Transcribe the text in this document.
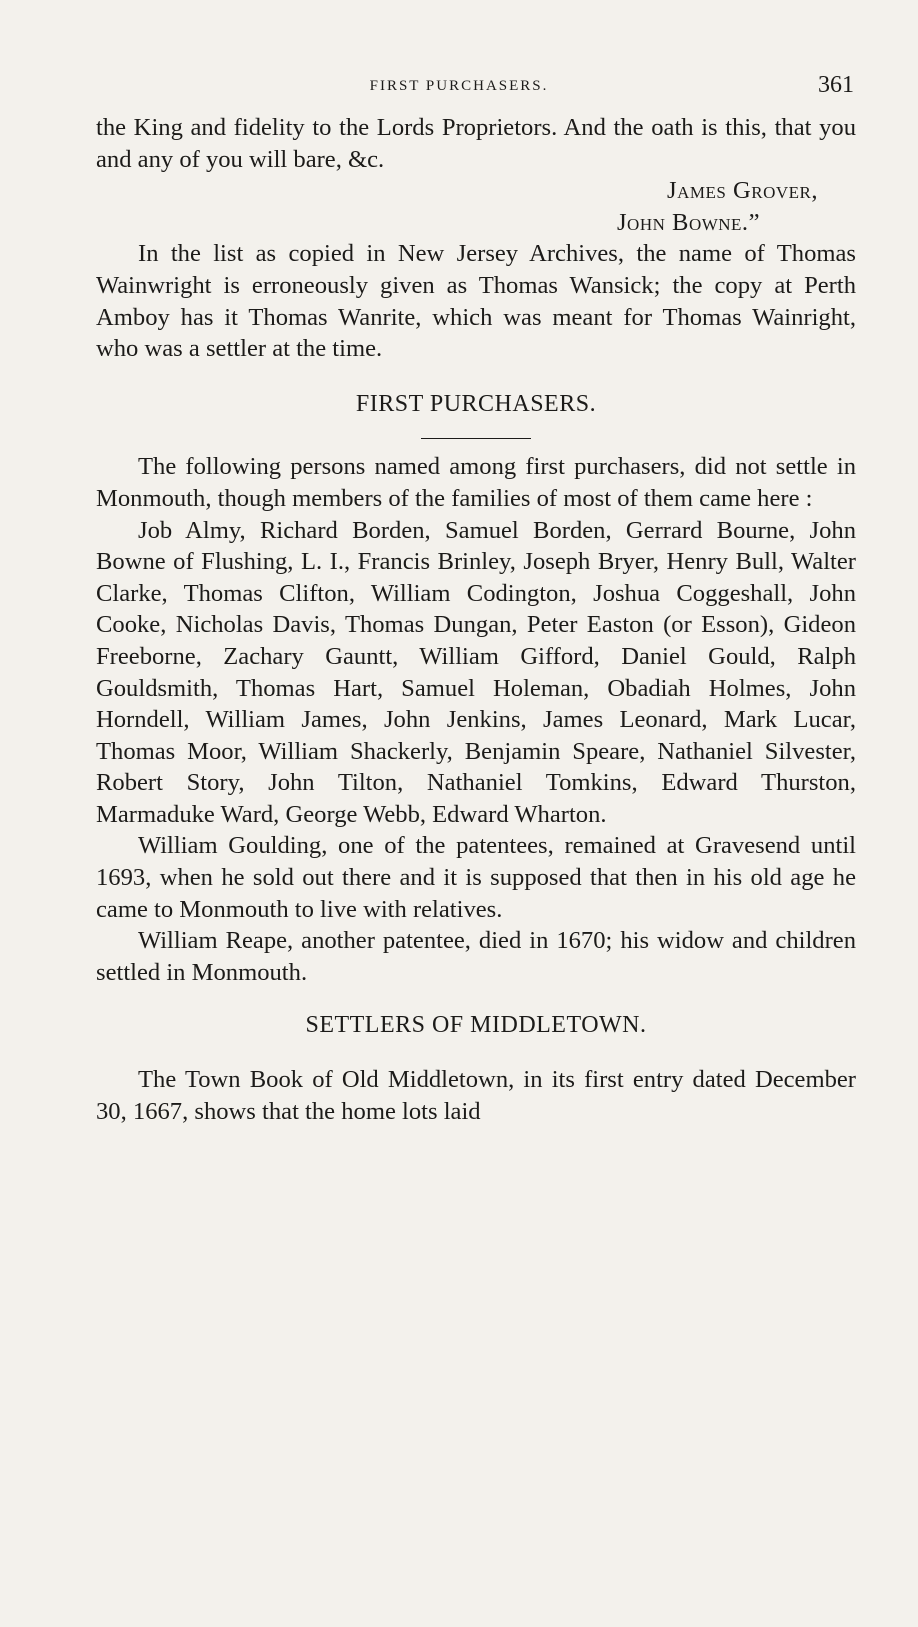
FIRST PURCHASERS.	361

the King and fidelity to the Lords Proprietors. And the oath is this, that you and any of you will bare, &c.

James Grover,

John Bowne.”

In the list as copied in New Jersey Archives, the name of Thomas Wainwright is erroneously given as Thomas Wansick; the copy at Perth Amboy has it Thomas Wanrite, which was meant for Thomas Wainright, who was a settler at the time.

FIRST PURCHASERS.

The following persons named among first purchasers, did not settle in Monmouth, though members of the families of most of them came here :

Job Almy, Richard Borden, Samuel Borden, Gerrard Bourne, John Bowne of Flushing, L. I., Francis Brinley, Joseph Bryer, Henry Bull, Walter Clarke, Thomas Clifton, William Codington, Joshua Coggeshall, John Cooke, Nicholas Davis, Thomas Dungan, Peter Easton (or Esson), Gideon Freeborne, Zachary Gauntt, William Gifford, Daniel Gould, Ralph Gouldsmith, Thomas Hart, Samuel Holeman, Obadiah Holmes, John Horndell, William James, John Jenkins, James Leonard, Mark Lucar, Thomas Moor, William Shackerly, Benjamin Speare, Nathaniel Silvester, Robert Story, John Tilton, Nathaniel Tomkins, Edward Thurston, Marmaduke Ward, George Webb, Edward Wharton.

William Goulding, one of the patentees, remained at Gravesend until 1693, when he sold out there and it is supposed that then in his old age he came to Monmouth to live with relatives.

William Reape, another patentee, died in 1670; his widow and children settled in Monmouth.

SETTLERS OF MIDDLETOWN.

The Town Book of Old Middletown, in its first entry dated December 30, 1667, shows that the home lots laid
